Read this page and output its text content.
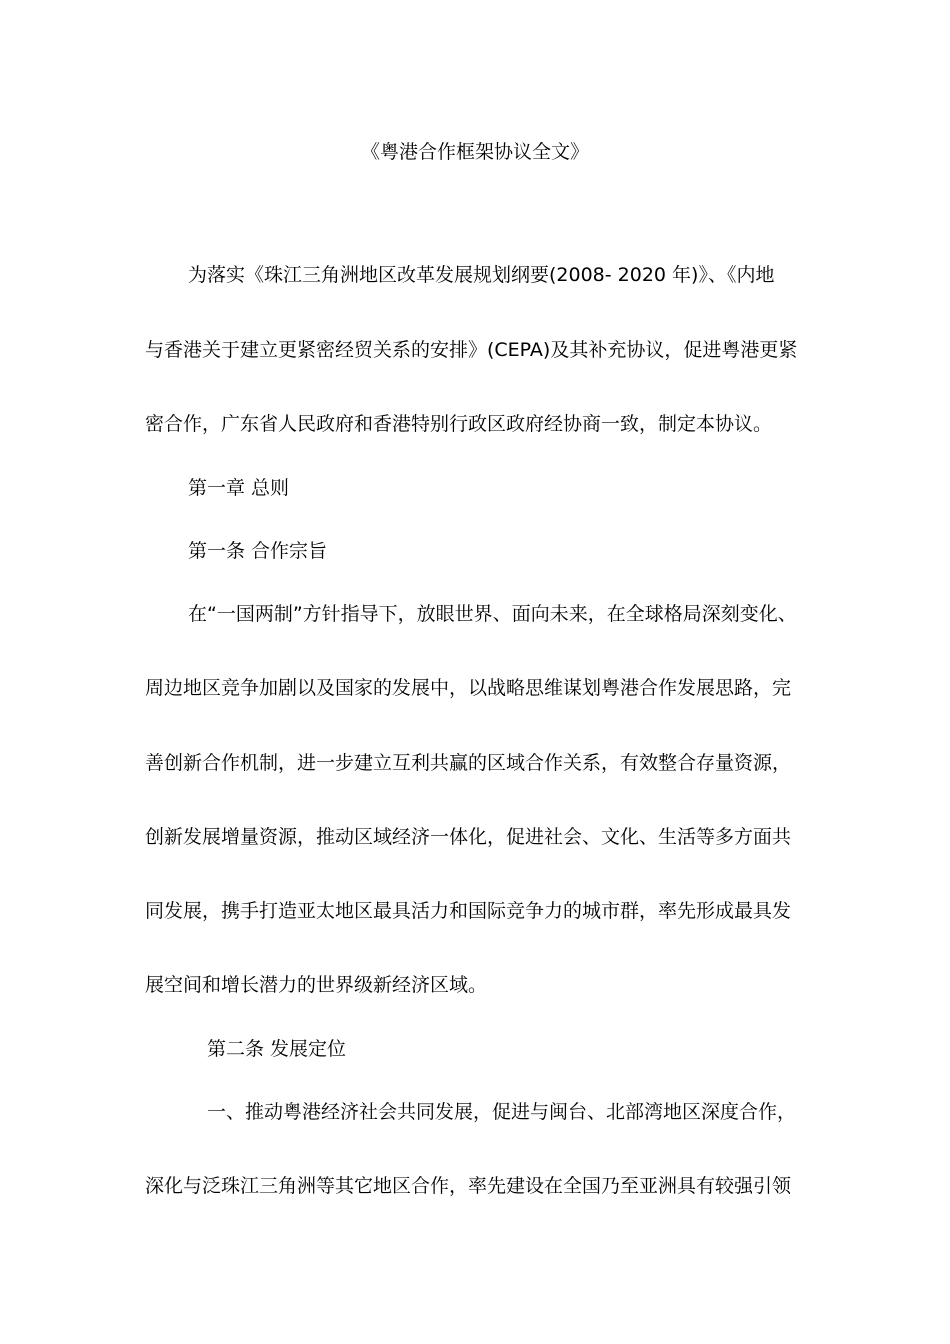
《粤港合作框架协议全文》
为落实《珠江三角洲地区改革发展规划纲要(2008- 2020 年)》、《内地
与香港关于建立更紧密经贸关系的安排》(CEPA)及其补充协议，促进粤港更紧
密合作，广东省人民政府和香港特别行政区政府经协商一致，制定本协议。
第一章 总则
第一条 合作宗旨
在“一国两制”方针指导下，放眼世界、面向未来，在全球格局深刻变化、
周边地区竞争加剧以及国家的发展中，以战略思维谋划粤港合作发展思路，完
善创新合作机制，进一步建立互利共赢的区域合作关系，有效整合存量资源，
创新发展增量资源，推动区域经济一体化，促进社会、文化、生活等多方面共
同发展，携手打造亚太地区最具活力和国际竞争力的城市群，率先形成最具发
展空间和增长潜力的世界级新经济区域。
第二条 发展定位
一、推动粤港经济社会共同发展，促进与闽台、北部湾地区深度合作，
深化与泛珠江三角洲等其它地区合作，率先建设在全国乃至亚洲具有较强引领
